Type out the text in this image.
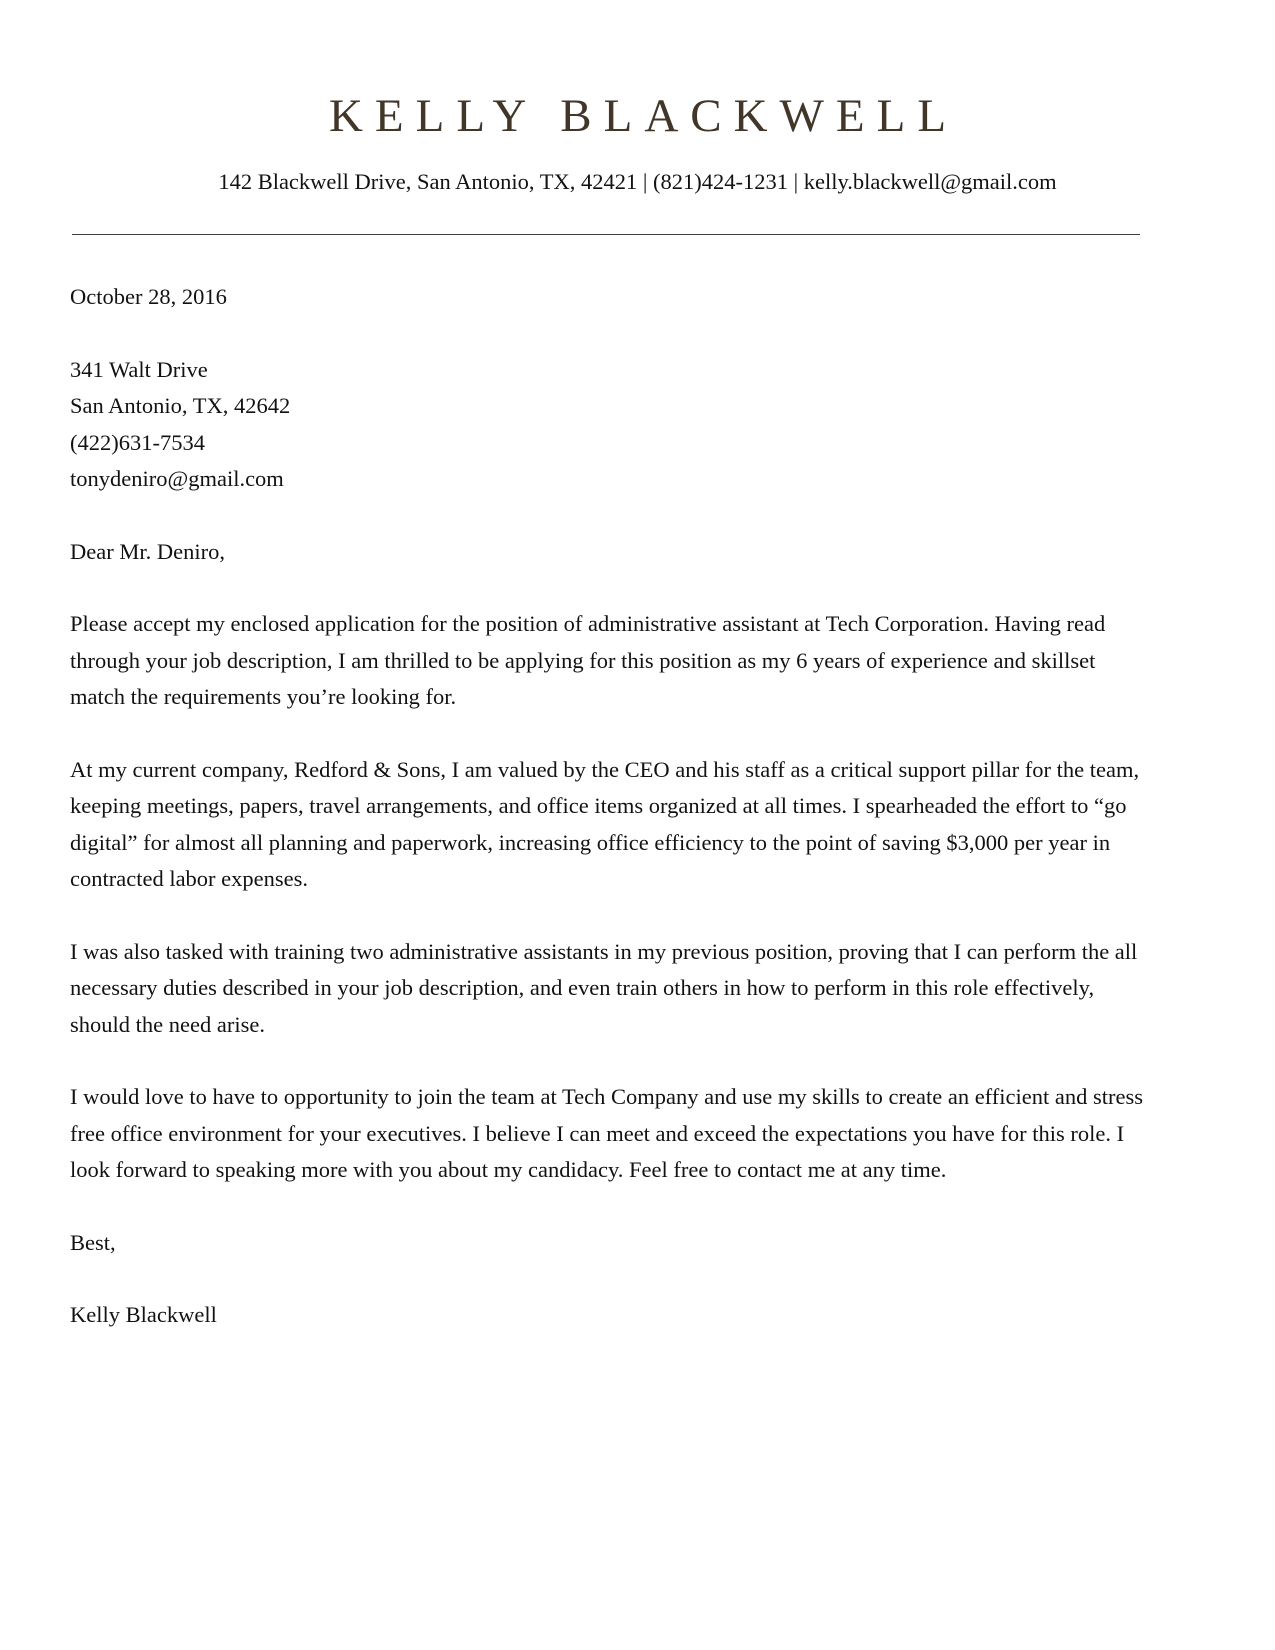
KELLY BLACKWELL

142 Blackwell Drive, San Antonio, TX, 42421 | (821)424-1231 | kelly.blackwell@gmail.com

October 28, 2016

341 Walt Drive

San Antonio, TX, 42642

(422)631-7534

tonydeniro@gmail.com

Dear Mr. Deniro,

Please accept my enclosed application for the position of administrative assistant at Tech Corporation. Having read through your job description, I am thrilled to be applying for this position as my 6 years of experience and skillset match the requirements you’re looking for.

At my current company, Redford & Sons, I am valued by the CEO and his staff as a critical support pillar for the team, keeping meetings, papers, travel arrangements, and office items organized at all times. I spearheaded the effort to “go digital” for almost all planning and paperwork, increasing office efficiency to the point of saving $3,000 per year in contracted labor expenses.

I was also tasked with training two administrative assistants in my previous position, proving that I can perform the all necessary duties described in your job description, and even train others in how to perform in this role effectively, should the need arise.

I would love to have to opportunity to join the team at Tech Company and use my skills to create an efficient and stress free office environment for your executives. I believe I can meet and exceed the expectations you have for this role. I look forward to speaking more with you about my candidacy. Feel free to contact me at any time.

Best,

Kelly Blackwell
